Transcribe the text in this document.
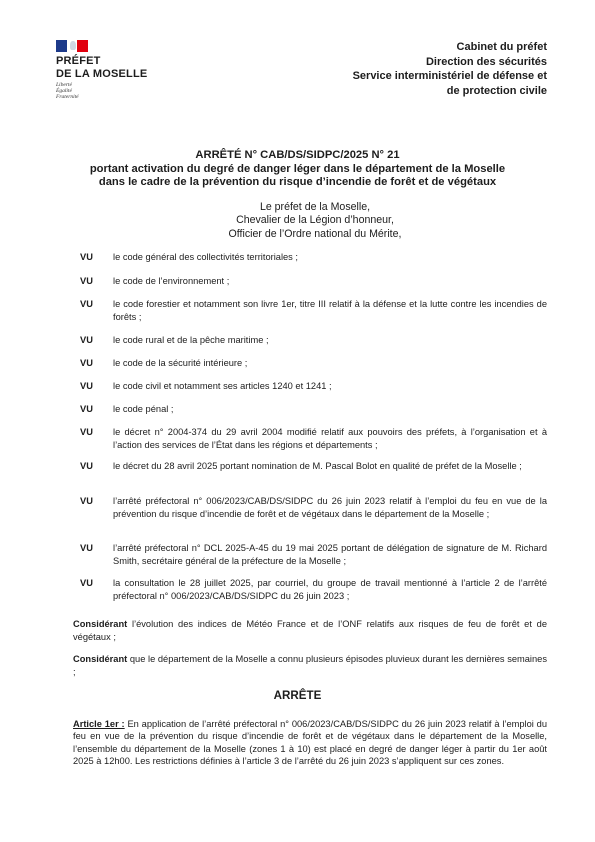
PRÉFET
DE LA MOSELLE
Liberté
Égalité
Fraternité
Cabinet du préfet
Direction des sécurités
Service interministériel de défense et
de protection civile
ARRÊTÉ N° CAB/DS/SIDPC/2025 N° 21
portant activation du degré de danger léger dans le département de la Moselle
dans le cadre de la prévention du risque d’incendie de forêt et de végétaux
Le préfet de la Moselle,
Chevalier de la Légion d’honneur,
Officier de l’Ordre national du Mérite,
VU le code général des collectivités territoriales ;
VU le code de l’environnement ;
VU le code forestier et notamment son livre 1er, titre III relatif à la défense et la lutte contre les incendies de forêts ;
VU le code rural et de la pêche maritime ;
VU le code de la sécurité intérieure ;
VU le code civil et notamment ses articles 1240 et 1241 ;
VU le code pénal ;
VU le décret n° 2004-374 du 29 avril 2004 modifié relatif aux pouvoirs des préfets, à l’organisation et à l’action des services de l’État dans les régions et départements ;
VU le décret du 28 avril 2025 portant nomination de M. Pascal Bolot en qualité de préfet de la Moselle ;
VU l’arrêté préfectoral n° 006/2023/CAB/DS/SIDPC du 26 juin 2023 relatif à l’emploi du feu en vue de la prévention du risque d’incendie de forêt et de végétaux dans le département de la Moselle ;
VU l’arrêté préfectoral n° DCL 2025-A-45 du 19 mai 2025 portant de délégation de signature de M. Richard Smith, secrétaire général de la préfecture de la Moselle ;
VU la consultation le 28 juillet 2025, par courriel, du groupe de travail mentionné à l’article 2 de l’arrêté préfectoral n° 006/2023/CAB/DS/SIDPC du 26 juin 2023 ;
Considérant l’évolution des indices de Météo France et de l’ONF relatifs aux risques de feu de forêt et de végétaux ;
Considérant que le département de la Moselle a connu plusieurs épisodes pluvieux durant les dernières semaines ;
ARRÊTE
Article 1er : En application de l’arrêté préfectoral n° 006/2023/CAB/DS/SIDPC du 26 juin 2023 relatif à l’emploi du feu en vue de la prévention du risque d’incendie de forêt et de végétaux dans le département de la Moselle, l’ensemble du département de la Moselle (zones 1 à 10) est placé en degré de danger léger à partir du 1er août 2025 à 12h00. Les restrictions définies à l’article 3 de l’arrêté du 26 juin 2023 s’appliquent sur ces zones.
